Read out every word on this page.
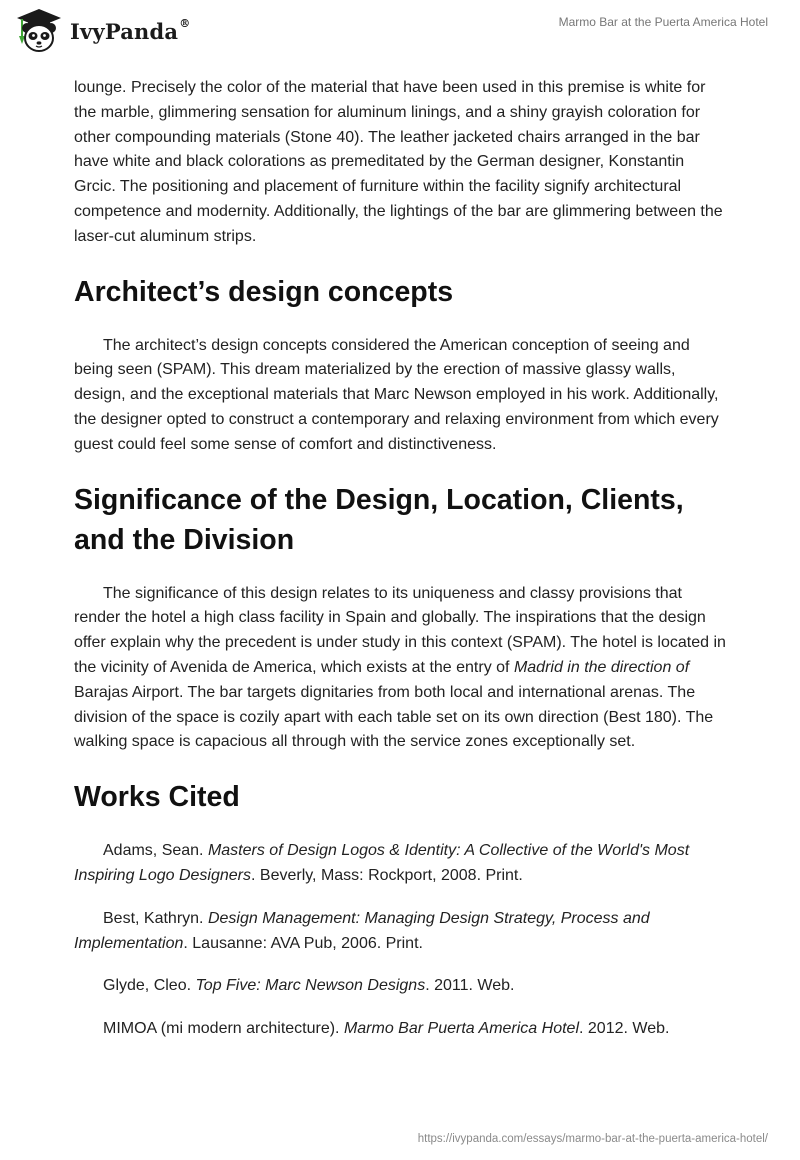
IvyPanda®	Marmo Bar at the Puerta America Hotel

lounge. Precisely the color of the material that have been used in this premise is white for the marble, glimmering sensation for aluminum linings, and a shiny grayish coloration for other compounding materials (Stone 40). The leather jacketed chairs arranged in the bar have white and black colorations as premeditated by the German designer, Konstantin Grcic. The positioning and placement of furniture within the facility signify architectural competence and modernity. Additionally, the lightings of the bar are glimmering between the laser-cut aluminum strips.

Architect’s design concepts

The architect’s design concepts considered the American conception of seeing and being seen (SPAM). This dream materialized by the erection of massive glassy walls, design, and the exceptional materials that Marc Newson employed in his work. Additionally, the designer opted to construct a contemporary and relaxing environment from which every guest could feel some sense of comfort and distinctiveness.

Significance of the Design, Location, Clients, and the Division

The significance of this design relates to its uniqueness and classy provisions that render the hotel a high class facility in Spain and globally. The inspirations that the design offer explain why the precedent is under study in this context (SPAM). The hotel is located in the vicinity of Avenida de America, which exists at the entry of Madrid in the direction of Barajas Airport. The bar targets dignitaries from both local and international arenas. The division of the space is cozily apart with each table set on its own direction (Best 180). The walking space is capacious all through with the service zones exceptionally set.

Works Cited

Adams, Sean. Masters of Design Logos & Identity: A Collective of the World's Most Inspiring Logo Designers. Beverly, Mass: Rockport, 2008. Print.

Best, Kathryn. Design Management: Managing Design Strategy, Process and Implementation. Lausanne: AVA Pub, 2006. Print.

Glyde, Cleo. Top Five: Marc Newson Designs. 2011. Web.

MIMOA (mi modern architecture). Marmo Bar Puerta America Hotel. 2012. Web.

https://ivypanda.com/essays/marmo-bar-at-the-puerta-america-hotel/
